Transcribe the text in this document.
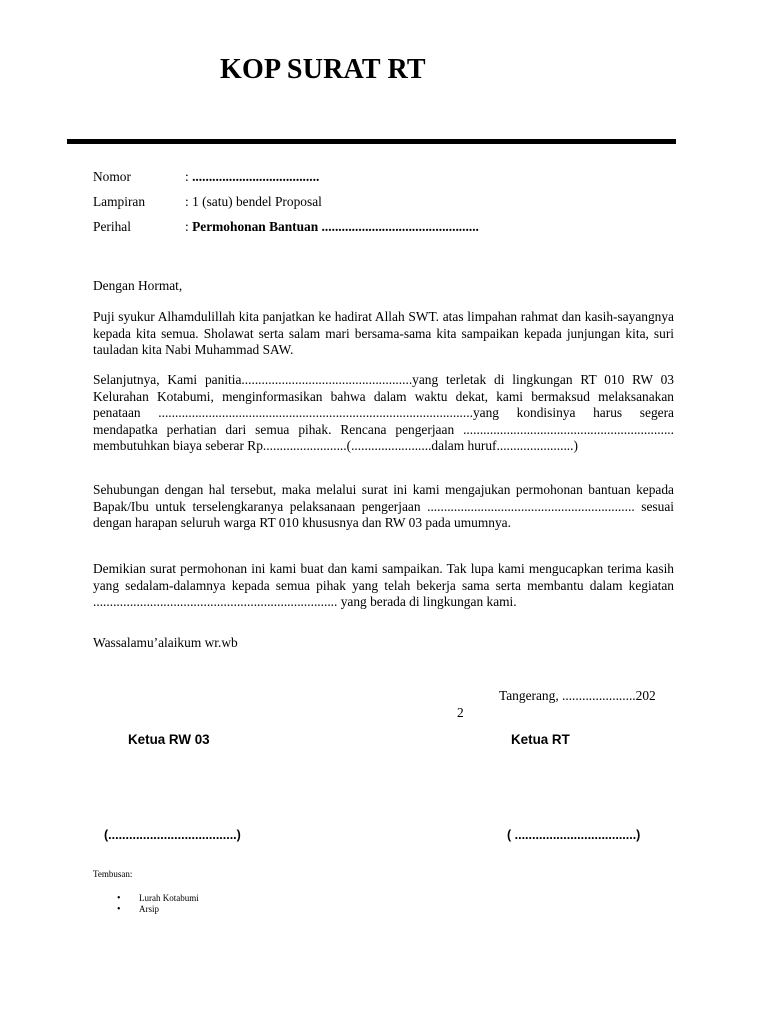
KOP SURAT RT
Nomor	: ......................................
Lampiran	: 1 (satu) bendel Proposal
Perihal	: Permohonan Bantuan ...............................................

Dengan Hormat,

Puji syukur Alhamdulillah kita panjatkan ke hadirat Allah SWT. atas limpahan rahmat dan kasih-sayangnya kepada kita semua. Sholawat serta salam mari bersama-sama kita sampaikan kepada junjungan kita, suri tauladan kita Nabi Muhammad SAW.

Selanjutnya, Kami panitia...................................................yang terletak di lingkungan RT 010 RW 03 Kelurahan Kotabumi, menginformasikan bahwa dalam waktu dekat, kami bermaksud melaksanakan penataan ..............................................................................................yang kondisinya harus segera mendapatka perhatian dari semua pihak. Rencana pengerjaan ............................................................... membutuhkan biaya seberar Rp.........................(........................dalam huruf.......................)

Sehubungan dengan hal tersebut, maka melalui surat ini kami mengajukan permohonan bantuan kepada Bapak/Ibu untuk terselengkaranya pelaksanaan pengerjaan .............................................................. sesuai dengan harapan seluruh warga RT 010 khususnya dan RW 03 pada umumnya.

Demikian surat permohonan ini kami buat dan kami sampaikan. Tak lupa kami mengucapkan terima kasih yang sedalam-dalamnya kepada semua pihak yang telah bekerja sama serta membantu dalam kegiatan ......................................................................... yang berada di lingkungan kami.

Wassalamu’alaikum wr.wb

Tangerang, ......................202
2
Ketua RW 03	Ketua RT
(.....................................)	( ...................................)
Tembusan:
• Lurah Kotabumi
• Arsip
